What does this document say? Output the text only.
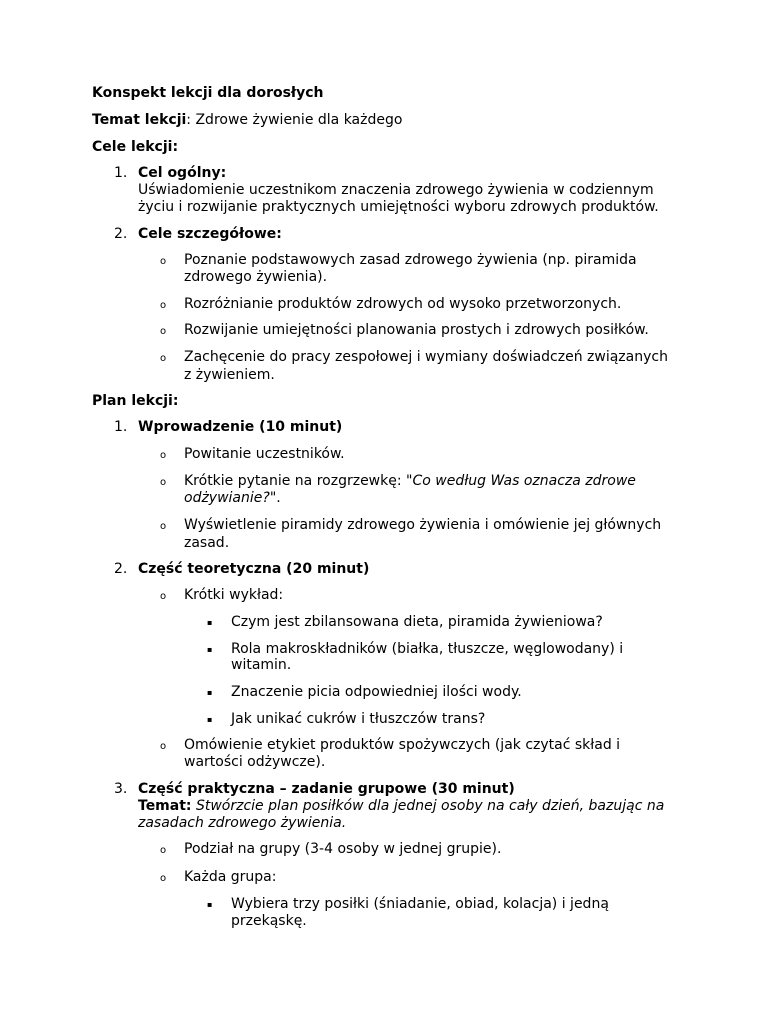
Konspekt lekcji dla dorosłych
Temat lekcji: Zdrowe żywienie dla każdego
Cele lekcji:
1. Cel ogólny:
Uświadomienie uczestnikom znaczenia zdrowego żywienia w codziennym
życiu i rozwijanie praktycznych umiejętności wyboru zdrowych produktów.
2. Cele szczegółowe:
o Poznanie podstawowych zasad zdrowego żywienia (np. piramida
zdrowego żywienia).
o Rozróżnianie produktów zdrowych od wysoko przetworzonych.
o Rozwijanie umiejętności planowania prostych i zdrowych posiłków.
o Zachęcenie do pracy zespołowej i wymiany doświadczeń związanych
z żywieniem.
Plan lekcji:
1. Wprowadzenie (10 minut)
o Powitanie uczestników.
o Krótkie pytanie na rozgrzewkę: "Co według Was oznacza zdrowe
odżywianie?".
o Wyświetlenie piramidy zdrowego żywienia i omówienie jej głównych
zasad.
2. Część teoretyczna (20 minut)
o Krótki wykład:
▪ Czym jest zbilansowana dieta, piramida żywieniowa?
▪ Rola makroskładników (białka, tłuszcze, węglowodany) i
witamin.
▪ Znaczenie picia odpowiedniej ilości wody.
▪ Jak unikać cukrów i tłuszczów trans?
o Omówienie etykiet produktów spożywczych (jak czytać skład i
wartości odżywcze).
3. Część praktyczna – zadanie grupowe (30 minut)
Temat: Stwórzcie plan posiłków dla jednej osoby na cały dzień, bazując na
zasadach zdrowego żywienia.
o Podział na grupy (3-4 osoby w jednej grupie).
o Każda grupa:
▪ Wybiera trzy posiłki (śniadanie, obiad, kolacja) i jedną
przekąskę.
